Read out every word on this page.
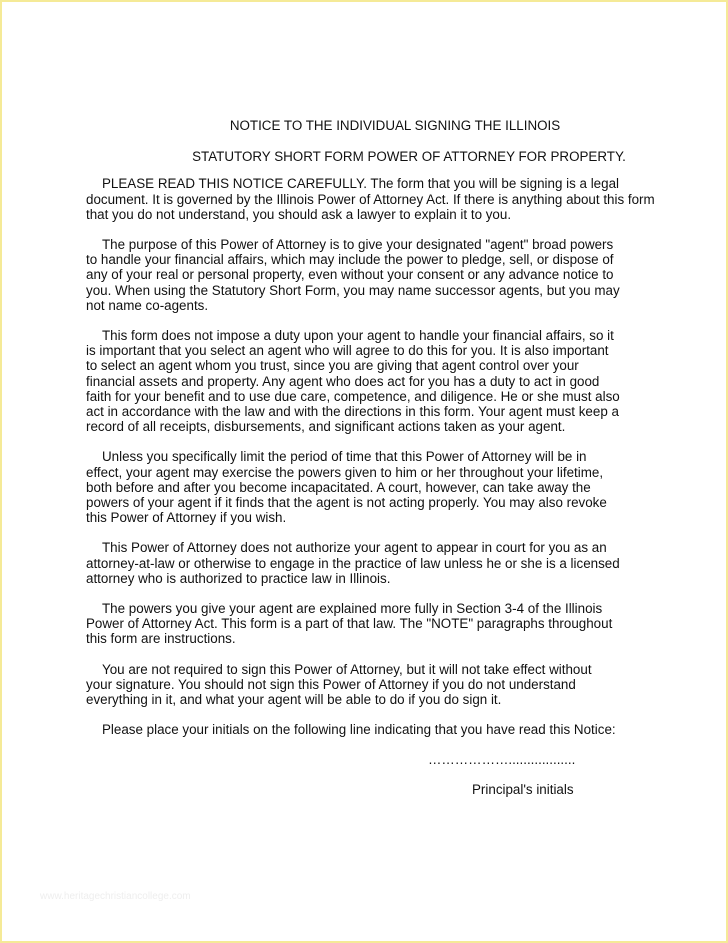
NOTICE TO THE INDIVIDUAL SIGNING THE ILLINOIS

STATUTORY SHORT FORM POWER OF ATTORNEY FOR PROPERTY.

PLEASE READ THIS NOTICE CAREFULLY. The form that you will be signing is a legal
document. It is governed by the Illinois Power of Attorney Act. If there is anything about this form
that you do not understand, you should ask a lawyer to explain it to you.

The purpose of this Power of Attorney is to give your designated "agent" broad powers
to handle your financial affairs, which may include the power to pledge, sell, or dispose of
any of your real or personal property, even without your consent or any advance notice to
you. When using the Statutory Short Form, you may name successor agents, but you may
not name co-agents.

This form does not impose a duty upon your agent to handle your financial affairs, so it
is important that you select an agent who will agree to do this for you. It is also important
to select an agent whom you trust, since you are giving that agent control over your
financial assets and property. Any agent who does act for you has a duty to act in good
faith for your benefit and to use due care, competence, and diligence. He or she must also
act in accordance with the law and with the directions in this form. Your agent must keep a
record of all receipts, disbursements, and significant actions taken as your agent.

Unless you specifically limit the period of time that this Power of Attorney will be in
effect, your agent may exercise the powers given to him or her throughout your lifetime,
both before and after you become incapacitated. A court, however, can take away the
powers of your agent if it finds that the agent is not acting properly. You may also revoke
this Power of Attorney if you wish.

This Power of Attorney does not authorize your agent to appear in court for you as an
attorney-at-law or otherwise to engage in the practice of law unless he or she is a licensed
attorney who is authorized to practice law in Illinois.

The powers you give your agent are explained more fully in Section 3-4 of the Illinois
Power of Attorney Act. This form is a part of that law. The "NOTE" paragraphs throughout
this form are instructions.

You are not required to sign this Power of Attorney, but it will not take effect without
your signature. You should not sign this Power of Attorney if you do not understand
everything in it, and what your agent will be able to do if you do sign it.

Please place your initials on the following line indicating that you have read this Notice:

………………..................
Principal's initials
www.heritagechristiancollege.com
